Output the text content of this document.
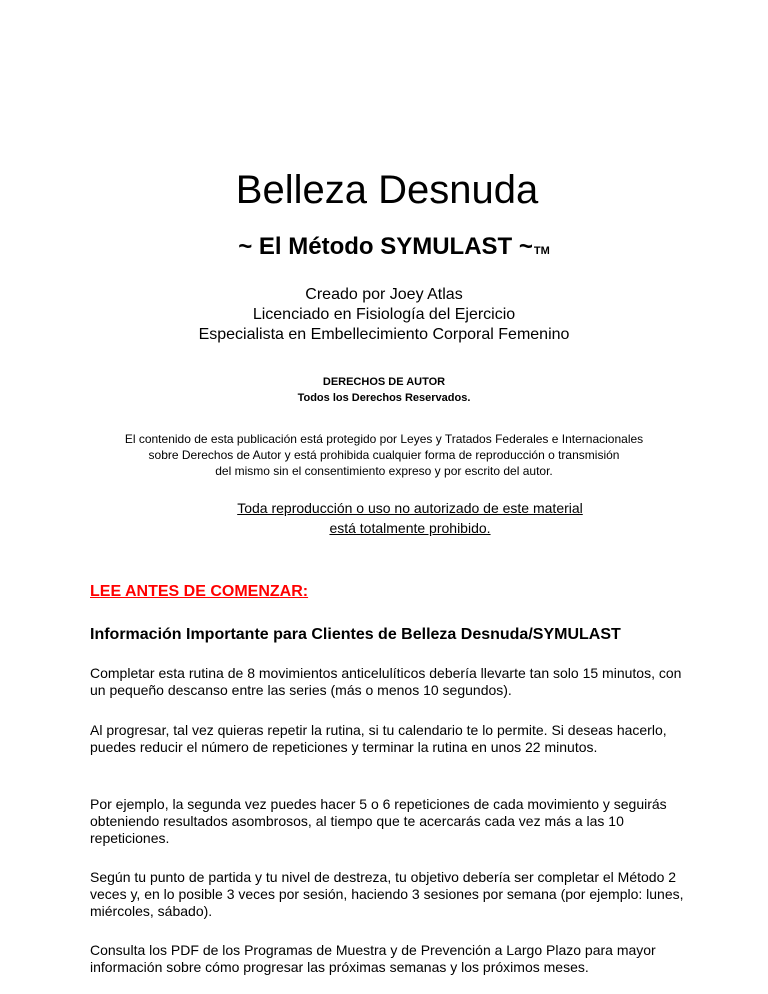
Belleza Desnuda
~ El Método SYMULAST ~TM
Creado por Joey Atlas
Licenciado en Fisiología del Ejercicio
Especialista en Embellecimiento Corporal Femenino
DERECHOS DE AUTOR
Todos los Derechos Reservados.
El contenido de esta publicación está protegido por Leyes y Tratados Federales e Internacionales
sobre Derechos de Autor y está prohibida cualquier forma de reproducción o transmisión
del mismo sin el consentimiento expreso y por escrito del autor.
Toda reproducción o uso no autorizado de este material
está totalmente prohibido.
LEE ANTES DE COMENZAR:
Información Importante para Clientes de Belleza Desnuda/SYMULAST

Completar esta rutina de 8 movimientos anticelulíticos debería llevarte tan solo 15 minutos, con un pequeño descanso entre las series (más o menos 10 segundos).

Al progresar, tal vez quieras repetir la rutina, si tu calendario te lo permite. Si deseas hacerlo, puedes reducir el número de repeticiones y terminar la rutina en unos 22 minutos.

Por ejemplo, la segunda vez puedes hacer 5 o 6 repeticiones de cada movimiento y seguirás obteniendo resultados asombrosos, al tiempo que te acercarás cada vez más a las 10 repeticiones.

Según tu punto de partida y tu nivel de destreza, tu objetivo debería ser completar el Método 2 veces y, en lo posible 3 veces por sesión, haciendo 3 sesiones por semana (por ejemplo: lunes, miércoles, sábado).

Consulta los PDF de los Programas de Muestra y de Prevención a Largo Plazo para mayor información sobre cómo progresar las próximas semanas y los próximos meses.
